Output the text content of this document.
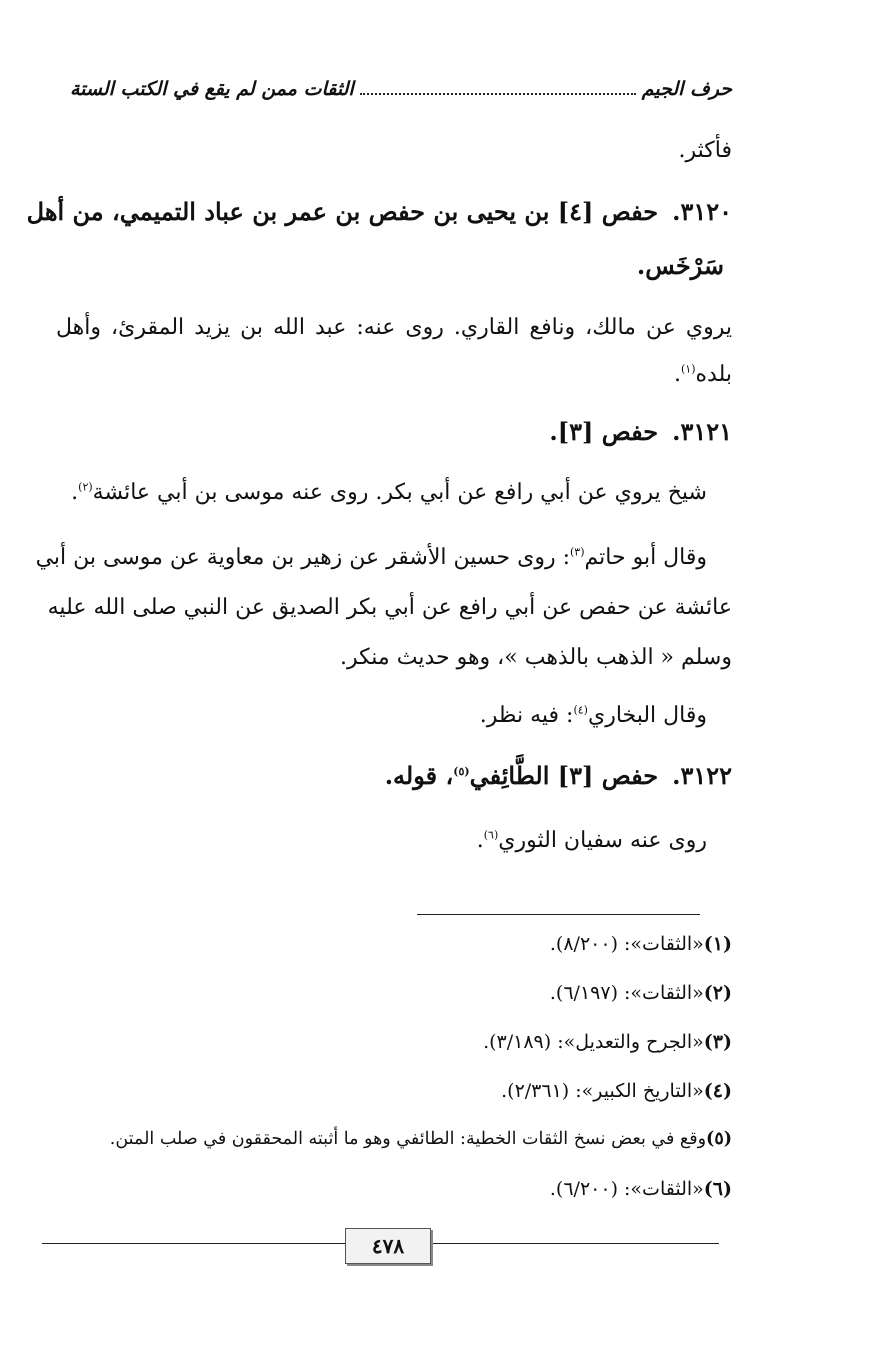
حرف الجيم
الثقات ممن لم يقع في الكتب الستة
فأكثر.
٣١٢٠.حفص [٤] بن يحيى بن حفص بن عمر بن عباد التميمي، من أهل
سَرْخَس.
يروي عن مالك، ونافع القاري. روى عنه: عبد الله بن يزيد المقرئ، وأهل
بلده$^{(١)}$.
٣١٢١.حفص [٣].
شيخ يروي عن أبي رافع عن أبي بكر. روى عنه موسى بن أبي عائشة$^{(٢)}$.
وقال أبو حاتم$^{(٣)}$: روى حسين الأشقر عن زهير بن معاوية عن موسى بن أبي
عائشة عن حفص عن أبي رافع عن أبي بكر الصديق عن النبي صلى الله عليه
وسلم « الذهب بالذهب »، وهو حديث منكر.
وقال البخاري$^{(٤)}$: فيه نظر.
٣١٢٢.حفص [٣] الطَّائِفي$^{(٥)}$، قوله.
روى عنه سفيان الثوري$^{(٦)}$.
(١)«الثقات»: (٨/٢٠٠).
(٢)«الثقات»: (٦/١٩٧).
(٣)«الجرح والتعديل»: (٣/١٨٩).
(٤)«التاريخ الكبير»: (٢/٣٦١).
(٥)وقع في بعض نسخ الثقات الخطية: الطائفي وهو ما أثبته المحققون في صلب المتن.
(٦)«الثقات»: (٦/٢٠٠).
٤٧٨
